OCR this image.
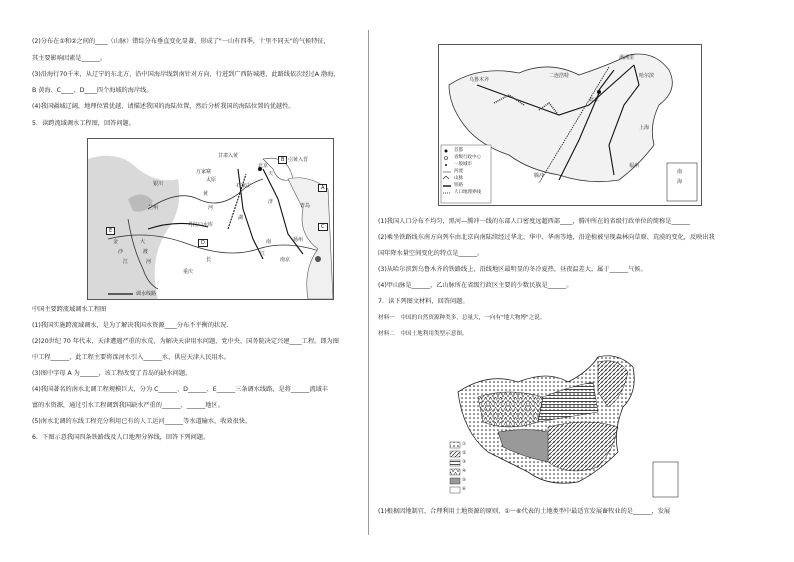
(2)分布在①和②之间的____（山脉）错综分布垂直变化显著，形成了"一山有四季，十里不同天"的气候特征，
其主要影响因素是______。
(3)沿海行70千米，从辽宁的东北方，沿中国海岸线到南针对方向，行进到广西防城港，此路线依次经过A 渤海、
B 黄海、C____、D____四个海域的海岸线。
(4)我国疆域辽阔，地理位置优越，请描述我国的海陆位置，然后分析我国的海陆位置的优越性。
5．读跨流域调水工程图，回答问题。
甘肃入黄
北京
天
太原
石家庄
万家寨
银川
黄
兰州	河
湖
丹江口水库
济
青岛
扬州
南
长
江
重庆
金
沙
江
大
渡
河	南京
引黄入晋
E
B
A
C
D
调水线路
中国主要跨流域调水工程图
(1)我国实施跨流域调水，是为了解决我国水资源____分布不平衡的状况.
(2)20世纪 70 年代末，天津遭遇严重的水荒，为解决天津用水问题，党中央、国务院决定兴建____工程。即为图
中工程______，此工程主要将滦河水引入______水，供应天津人民用水。
(3)图中字母 A 为______，该工程改变了青岛的缺水问题。
(4)我国著名的南水北调工程规模巨大，分为 C______、D______、E______三条调水线路，是将______流域丰
富的水资源，通过引水工程调到我国缺水严重的______、______地区。
(5)南水北调的东线工程充分利用已有的人工运河______等水道输水，收效很快。
6．下图示意我国四条铁路线及人口地理分界线，回答下列问题。
二连浩特
乌鲁木齐
北京
上海
福州
腾冲
哈尔滨
满洲里
南
海
首都
省级行政中心
一般城市
河流
山脉
铁路
人口地理界线
(1)我国人口分布不均匀，黑河—腾冲一线的东部人口密度远超西部____，腾冲所在的省级行政单位的简称是______
(2)乘坐铁路线东南方向列车由北京向南陆续经过华北、华中、华南等地，沿途植被呈现森林向草原、荒漠的变化，反映出我
国年降水量空间变化的特点是______。
(3)从哈尔滨到乌鲁木齐的铁路线上，沿线地区最明显的冬冷夏热，昼夜温差大，属于______气候。
(4)甲山脉是______，乙山脉所在省级行政区主要的少数民族是______。
7．读下列图文材料，回答问题。
材料一　中国的自然资源种类多，总量大，一向有"地大物博"之说。
材料二　中国土地利用类型示意图。
①
②
③
④
⑤
⑥
(1)根据因地制宜、合理利用土地资源的原则，①～⑥代表的土地类型中最适宜发展畜牧业的是______，发展
